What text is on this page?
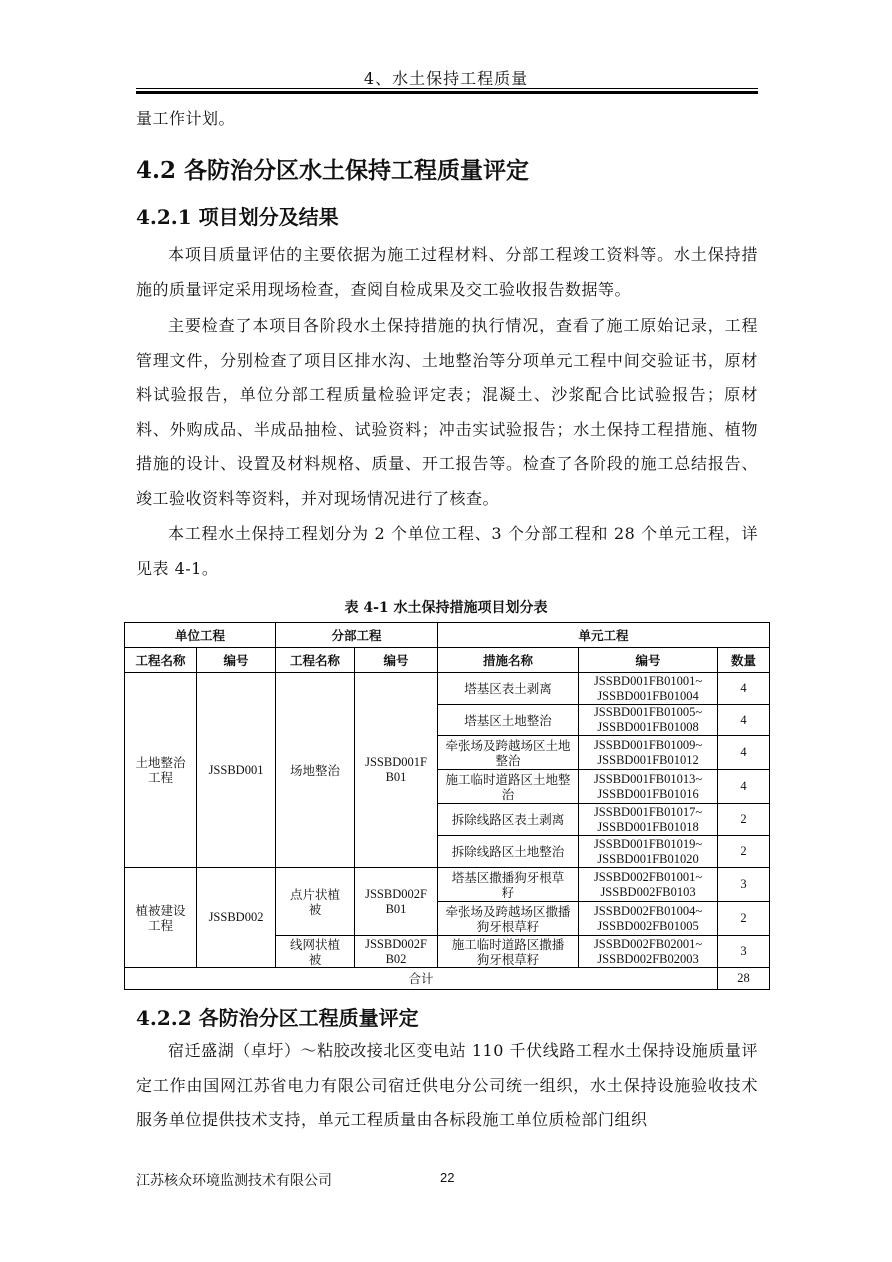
4、水土保持工程质量
量工作计划。
4.2 各防治分区水土保持工程质量评定
4.2.1 项目划分及结果
本项目质量评估的主要依据为施工过程材料、分部工程竣工资料等。水土保持措施的质量评定采用现场检查，查阅自检成果及交工验收报告数据等。
主要检查了本项目各阶段水土保持措施的执行情况，查看了施工原始记录，工程管理文件，分别检查了项目区排水沟、土地整治等分项单元工程中间交验证书，原材料试验报告，单位分部工程质量检验评定表；混凝土、沙浆配合比试验报告；原材料、外购成品、半成品抽检、试验资料；冲击实试验报告；水土保持工程措施、植物措施的设计、设置及材料规格、质量、开工报告等。检查了各阶段的施工总结报告、竣工验收资料等资料，并对现场情况进行了核查。
本工程水土保持工程划分为 2 个单位工程、3 个分部工程和 28 个单元工程，详见表 4-1。
表 4-1 水土保持措施项目划分表
单位工程		分部工程		单元工程		
工程名称	编号	工程名称	编号	措施名称	编号	数量
土地整治工程	JSSBD001	场地整治	JSSBD001FB01	塔基区表土剥离	JSSBD001FB01001~
JSSBD001FB01004	4
				塔基区土地整治	JSSBD001FB01005~
JSSBD001FB01008	4
				牵张场及跨越场区土地整治	JSSBD001FB01009~
JSSBD001FB01012	4
				施工临时道路区土地整治	JSSBD001FB01013~
JSSBD001FB01016	4
				拆除线路区表土剥离	JSSBD001FB01017~
JSSBD001FB01018	2
				拆除线路区土地整治	JSSBD001FB01019~
JSSBD001FB01020	2
植被建设工程	JSSBD002	点片状植被	JSSBD002FB01	塔基区撒播狗牙根草籽	JSSBD002FB01001~
JSSBD002FB0103	3
				牵张场及跨越场区撒播狗牙根草籽	JSSBD002FB01004~
JSSBD002FB01005	2
		线网状植被	JSSBD002FB02	施工临时道路区撒播狗牙根草籽	JSSBD002FB02001~
JSSBD002FB02003	3
合计						28
4.2.2 各防治分区工程质量评定
宿迁盛湖（卓圩）～粘胶改接北区变电站 110 千伏线路工程水土保持设施质量评定工作由国网江苏省电力有限公司宿迁供电分公司统一组织，水土保持设施验收技术服务单位提供技术支持，单元工程质量由各标段施工单位质检部门组织
江苏核众环境监测技术有限公司	22
